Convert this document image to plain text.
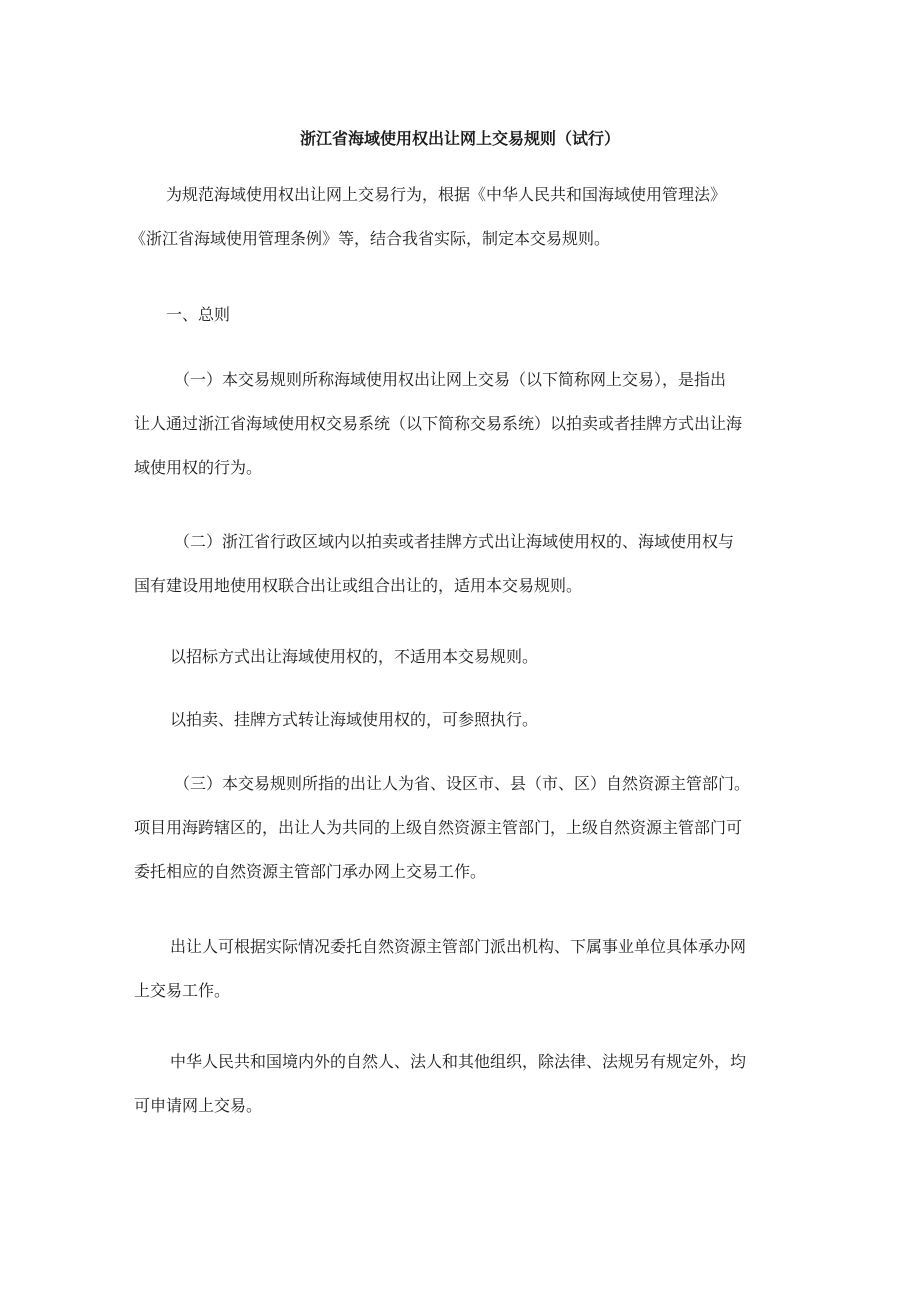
浙江省海域使用权出让网上交易规则（试行）
为规范海域使用权出让网上交易行为，根据《中华人民共和国海域使用管理法》
《浙江省海域使用管理条例》等，结合我省实际，制定本交易规则。
一、总则
（一）本交易规则所称海域使用权出让网上交易（以下简称网上交易），是指出
让人通过浙江省海域使用权交易系统（以下简称交易系统）以拍卖或者挂牌方式出让海
域使用权的行为。
（二）浙江省行政区域内以拍卖或者挂牌方式出让海域使用权的、海域使用权与
国有建设用地使用权联合出让或组合出让的，适用本交易规则。
以招标方式出让海域使用权的，不适用本交易规则。
以拍卖、挂牌方式转让海域使用权的，可参照执行。
（三）本交易规则所指的出让人为省、设区市、县（市、区）自然资源主管部门。
项目用海跨辖区的，出让人为共同的上级自然资源主管部门，上级自然资源主管部门可
委托相应的自然资源主管部门承办网上交易工作。
出让人可根据实际情况委托自然资源主管部门派出机构、下属事业单位具体承办网
上交易工作。
中华人民共和国境内外的自然人、法人和其他组织，除法律、法规另有规定外，均
可申请网上交易。
